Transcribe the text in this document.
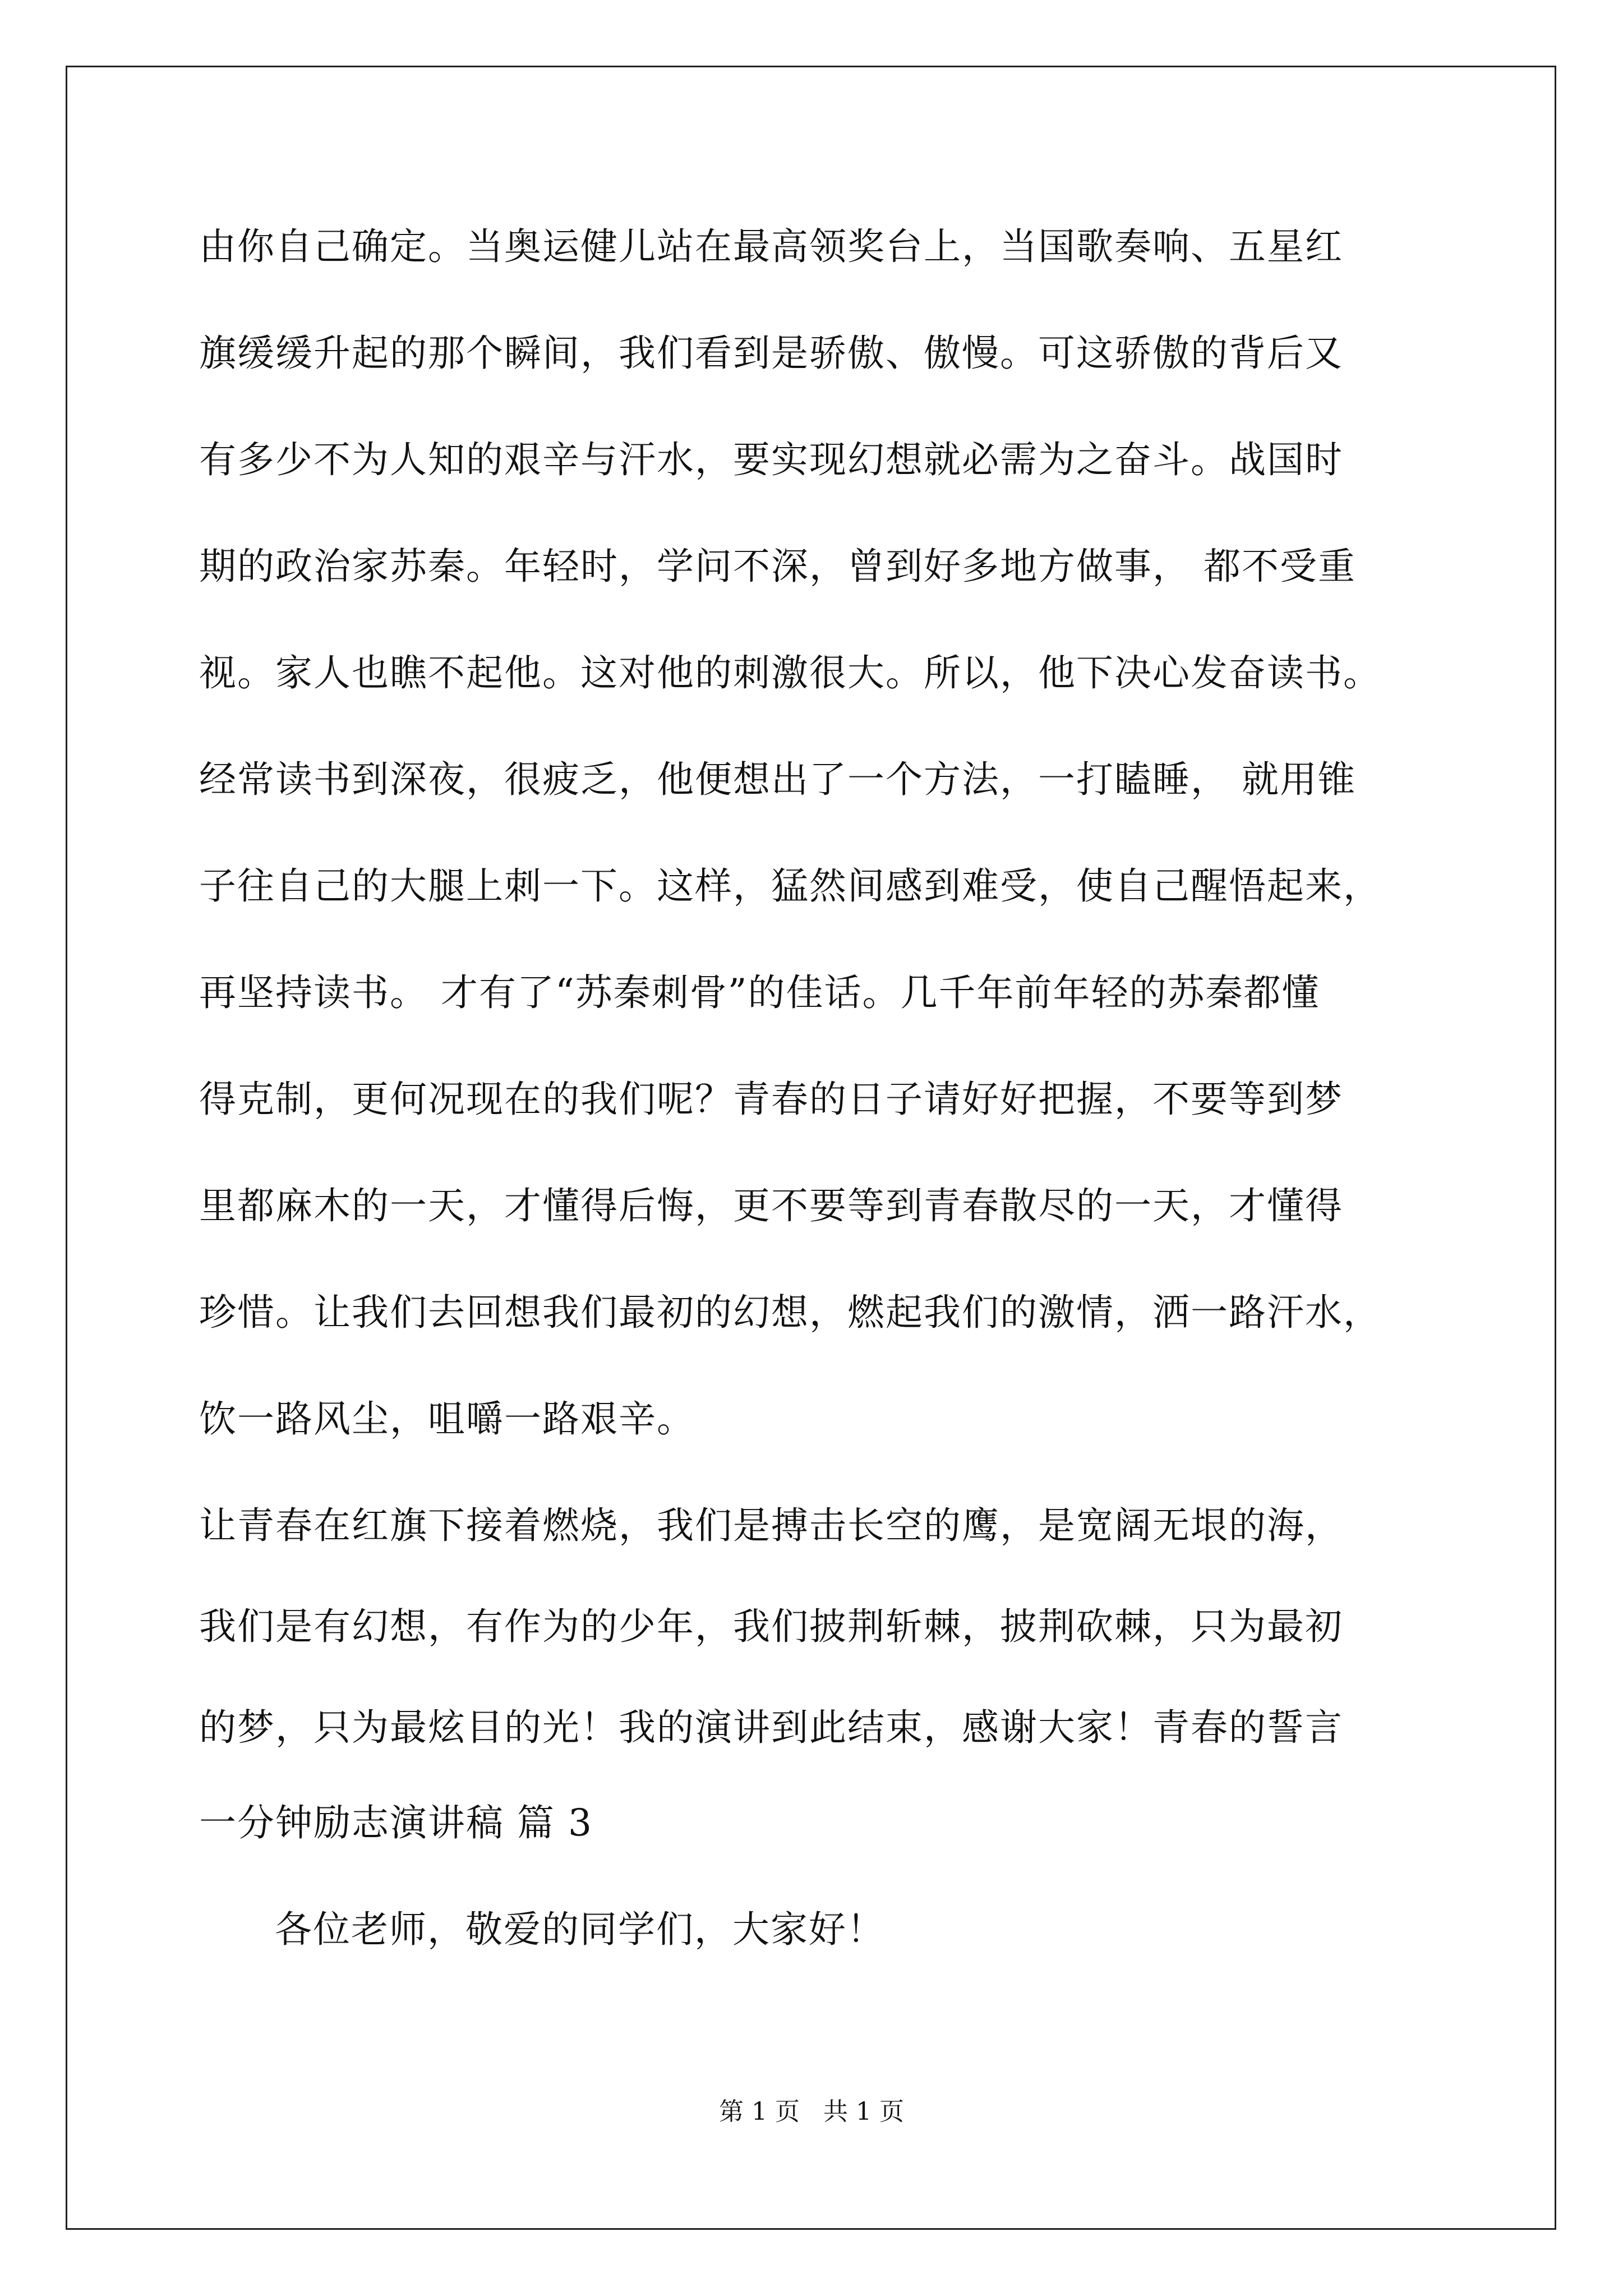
由你自己确定。当奥运健儿站在最高领奖台上，当国歌奏响、五星红
旗缓缓升起的那个瞬间，我们看到是骄傲、傲慢。可这骄傲的背后又
有多少不为人知的艰辛与汗水，要实现幻想就必需为之奋斗。战国时
期的政治家苏秦。年轻时，学问不深，曾到好多地方做事， 都不受重
视。家人也瞧不起他。这对他的刺激很大。所以，他下决心发奋读书。
经常读书到深夜，很疲乏，他便想出了一个方法，一打瞌睡， 就用锥
子往自己的大腿上刺一下。这样，猛然间感到难受，使自己醒悟起来，
再坚持读书。 才有了“苏秦刺骨”的佳话。几千年前年轻的苏秦都懂
得克制，更何况现在的我们呢？青春的日子请好好把握，不要等到梦
里都麻木的一天，才懂得后悔，更不要等到青春散尽的一天，才懂得
珍惜。让我们去回想我们最初的幻想，燃起我们的激情，洒一路汗水，
饮一路风尘，咀嚼一路艰辛。
让青春在红旗下接着燃烧，我们是搏击长空的鹰，是宽阔无垠的海，
我们是有幻想，有作为的少年，我们披荆斩棘，披荆砍棘，只为最初
的梦，只为最炫目的光！我的演讲到此结束，感谢大家！青春的誓言
一分钟励志演讲稿 篇 3
各位老师，敬爱的同学们，大家好！
第 1 页   共 1 页
